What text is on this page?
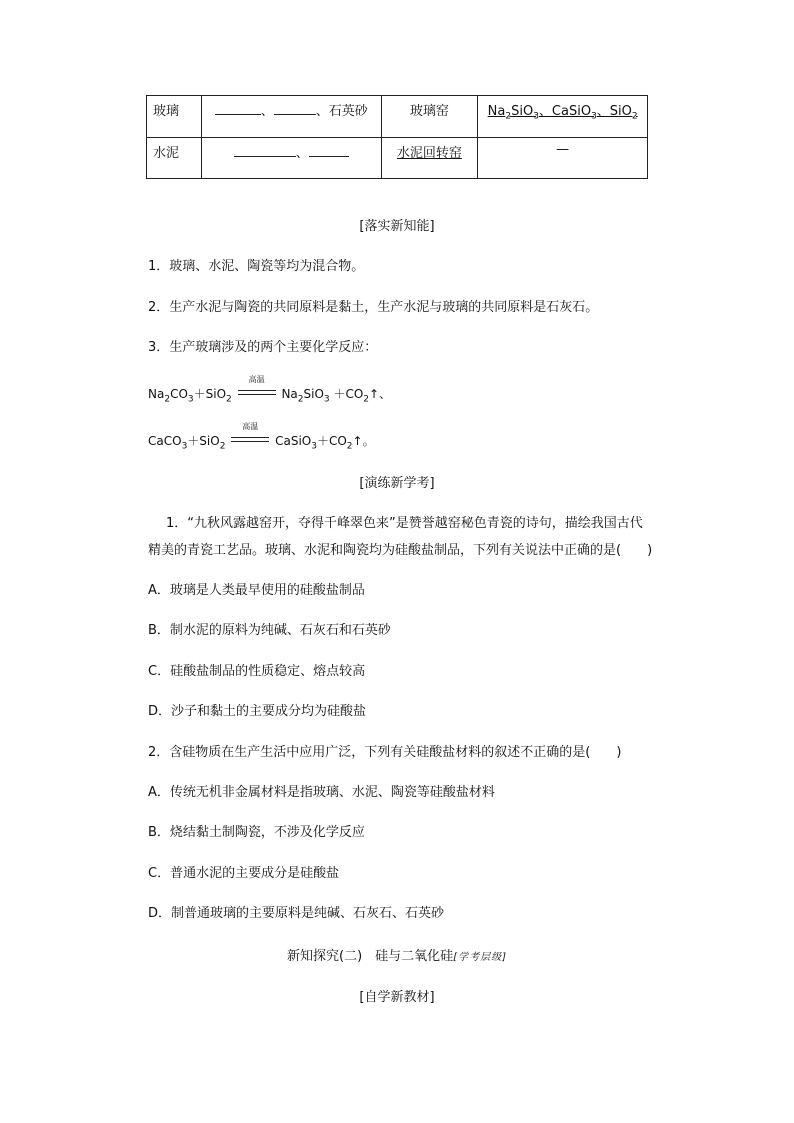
玻璃	、 、石英砂	玻璃窑	$Na_2SiO_3$、CaSiO$_3$、SiO$_2$
水泥	、	水泥回转窑	—
[落实新知能]
1．玻璃、水泥、陶瓷等均为混合物。
2．生产水泥与陶瓷的共同原料是黏土，生产水泥与玻璃的共同原料是石灰石。
3．生产玻璃涉及的两个主要化学反应：
$Na_2CO_3+SiO_2$
高温
$Na_2SiO_3$ $+CO_2↑$、
CaCO$_3$＋SiO$_2$
高温
$CaSiO_3+CO_2↑$。
[演练新学考]
1．“九秋风露越窑开，夺得千峰翠色来”是赞誉越窑秘色青瓷的诗句，描绘我国古代
精美的青瓷工艺品。玻璃、水泥和陶瓷均为硅酸盐制品，下列有关说法中正确的是(　　)
A．玻璃是人类最早使用的硅酸盐制品
B．制水泥的原料为纯碱、石灰石和石英砂
C．硅酸盐制品的性质稳定、熔点较高
D．沙子和黏土的主要成分均为硅酸盐
2．含硅物质在生产生活中应用广泛，下列有关硅酸盐材料的叙述不正确的是(　　)
A．传统无机非金属材料是指玻璃、水泥、陶瓷等硅酸盐材料
B．烧结黏土制陶瓷，不涉及化学反应
C．普通水泥的主要成分是硅酸盐
D．制普通玻璃的主要原料是纯碱、石灰石、石英砂
新知探究(二)　硅与二氧化硅[学考层级]
[自学新教材]
